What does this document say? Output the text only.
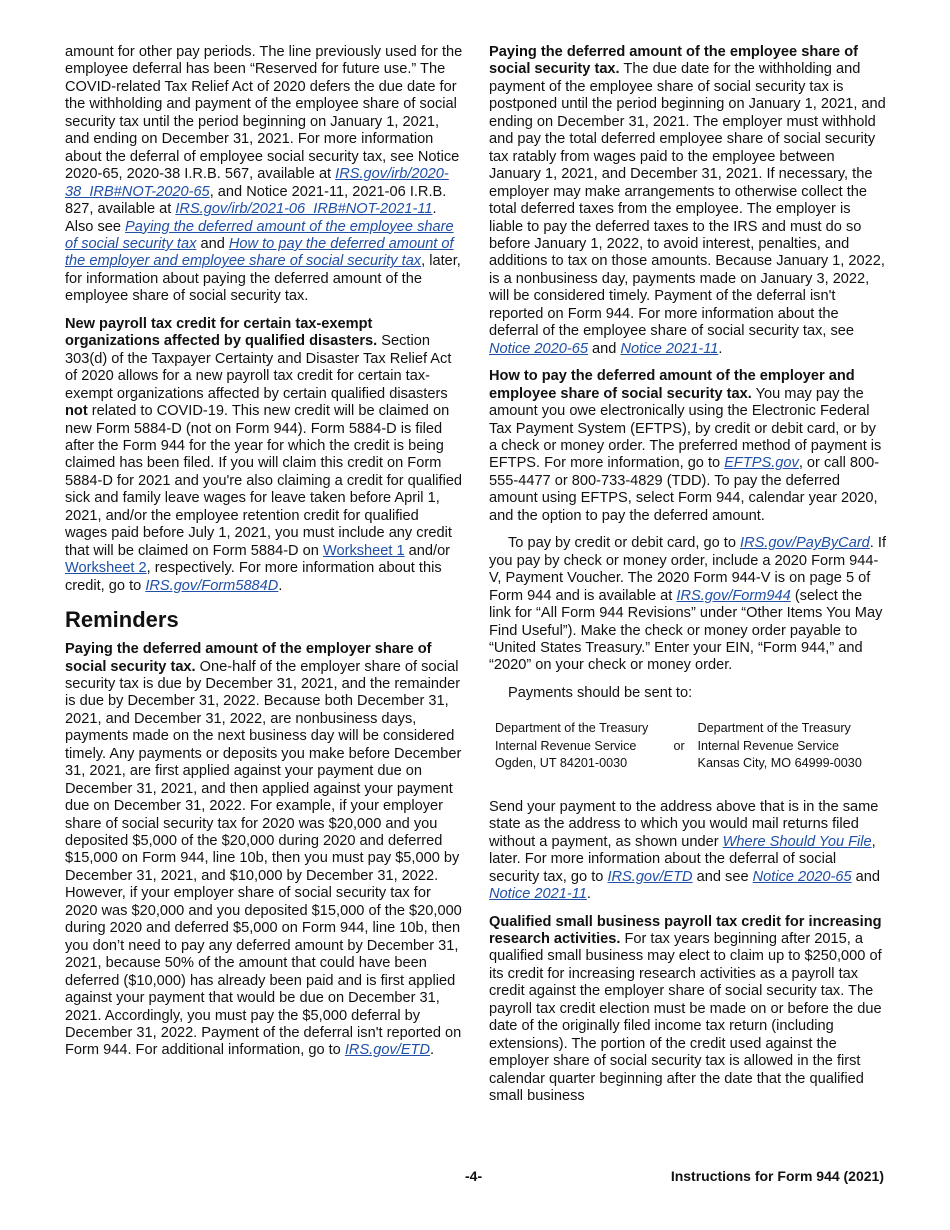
amount for other pay periods. The line previously used for the employee deferral has been “Reserved for future use.” The COVID-related Tax Relief Act of 2020 defers the due date for the withholding and payment of the employee share of social security tax until the period beginning on January 1, 2021, and ending on December 31, 2021. For more information about the deferral of employee social security tax, see Notice 2020-65, 2020-38 I.R.B. 567, available at IRS.gov/irb/2020-38_IRB#NOT-2020-65, and Notice 2021-11, 2021-06 I.R.B. 827, available at IRS.gov/irb/2021-06_IRB#NOT-2021-11. Also see Paying the deferred amount of the employee share of social security tax and How to pay the deferred amount of the employer and employee share of social security tax, later, for information about paying the deferred amount of the employee share of social security tax.

New payroll tax credit for certain tax-exempt organizations affected by qualified disasters. Section 303(d) of the Taxpayer Certainty and Disaster Tax Relief Act of 2020 allows for a new payroll tax credit for certain tax-exempt organizations affected by certain qualified disasters not related to COVID-19. This new credit will be claimed on new Form 5884-D (not on Form 944). Form 5884-D is filed after the Form 944 for the year for which the credit is being claimed has been filed. If you will claim this credit on Form 5884-D for 2021 and you're also claiming a credit for qualified sick and family leave wages for leave taken before April 1, 2021, and/or the employee retention credit for qualified wages paid before July 1, 2021, you must include any credit that will be claimed on Form 5884-D on Worksheet 1 and/or Worksheet 2, respectively. For more information about this credit, go to IRS.gov/Form5884D.

Reminders

Paying the deferred amount of the employer share of social security tax. One-half of the employer share of social security tax is due by December 31, 2021, and the remainder is due by December 31, 2022. Because both December 31, 2021, and December 31, 2022, are nonbusiness days, payments made on the next business day will be considered timely. Any payments or deposits you make before December 31, 2021, are first applied against your payment due on December 31, 2021, and then applied against your payment due on December 31, 2022. For example, if your employer share of social security tax for 2020 was $20,000 and you deposited $5,000 of the $20,000 during 2020 and deferred $15,000 on Form 944, line 10b, then you must pay $5,000 by December 31, 2021, and $10,000 by December 31, 2022. However, if your employer share of social security tax for 2020 was $20,000 and you deposited $15,000 of the $20,000 during 2020 and deferred $5,000 on Form 944, line 10b, then you don’t need to pay any deferred amount by December 31, 2021, because 50% of the amount that could have been deferred ($10,000) has already been paid and is first applied against your payment that would be due on December 31, 2021. Accordingly, you must pay the $5,000 deferral by December 31, 2022. Payment of the deferral isn't reported on Form 944. For additional information, go to IRS.gov/ETD.

Paying the deferred amount of the employee share of social security tax. The due date for the withholding and payment of the employee share of social security tax is postponed until the period beginning on January 1, 2021, and ending on December 31, 2021. The employer must withhold and pay the total deferred employee share of social security tax ratably from wages paid to the employee between January 1, 2021, and December 31, 2021. If necessary, the employer may make arrangements to otherwise collect the total deferred taxes from the employee. The employer is liable to pay the deferred taxes to the IRS and must do so before January 1, 2022, to avoid interest, penalties, and additions to tax on those amounts. Because January 1, 2022, is a nonbusiness day, payments made on January 3, 2022, will be considered timely. Payment of the deferral isn't reported on Form 944. For more information about the deferral of the employee share of social security tax, see Notice 2020-65 and Notice 2021-11.

How to pay the deferred amount of the employer and employee share of social security tax. You may pay the amount you owe electronically using the Electronic Federal Tax Payment System (EFTPS), by credit or debit card, or by a check or money order. The preferred method of payment is EFTPS. For more information, go to EFTPS.gov, or call 800-555-4477 or 800-733-4829 (TDD). To pay the deferred amount using EFTPS, select Form 944, calendar year 2020, and the option to pay the deferred amount.

To pay by credit or debit card, go to IRS.gov/PayByCard. If you pay by check or money order, include a 2020 Form 944-V, Payment Voucher. The 2020 Form 944-V is on page 5 of Form 944 and is available at IRS.gov/Form944 (select the link for “All Form 944 Revisions” under “Other Items You May Find Useful”). Make the check or money order payable to “United States Treasury.” Enter your EIN, “Form 944,” and “2020” on your check or money order.

Payments should be sent to:

Department of the Treasury	or	Department of the Treasury
Internal Revenue Service		Internal Revenue Service
Ogden, UT 84201-0030		Kansas City, MO 64999-0030

Send your payment to the address above that is in the same state as the address to which you would mail returns filed without a payment, as shown under Where Should You File, later. For more information about the deferral of social security tax, go to IRS.gov/ETD and see Notice 2020-65 and Notice 2021-11.

Qualified small business payroll tax credit for increasing research activities. For tax years beginning after 2015, a qualified small business may elect to claim up to $250,000 of its credit for increasing research activities as a payroll tax credit against the employer share of social security tax. The payroll tax credit election must be made on or before the due date of the originally filed income tax return (including extensions). The portion of the credit used against the employer share of social security tax is allowed in the first calendar quarter beginning after the date that the qualified small business

-4-	Instructions for Form 944 (2021)
